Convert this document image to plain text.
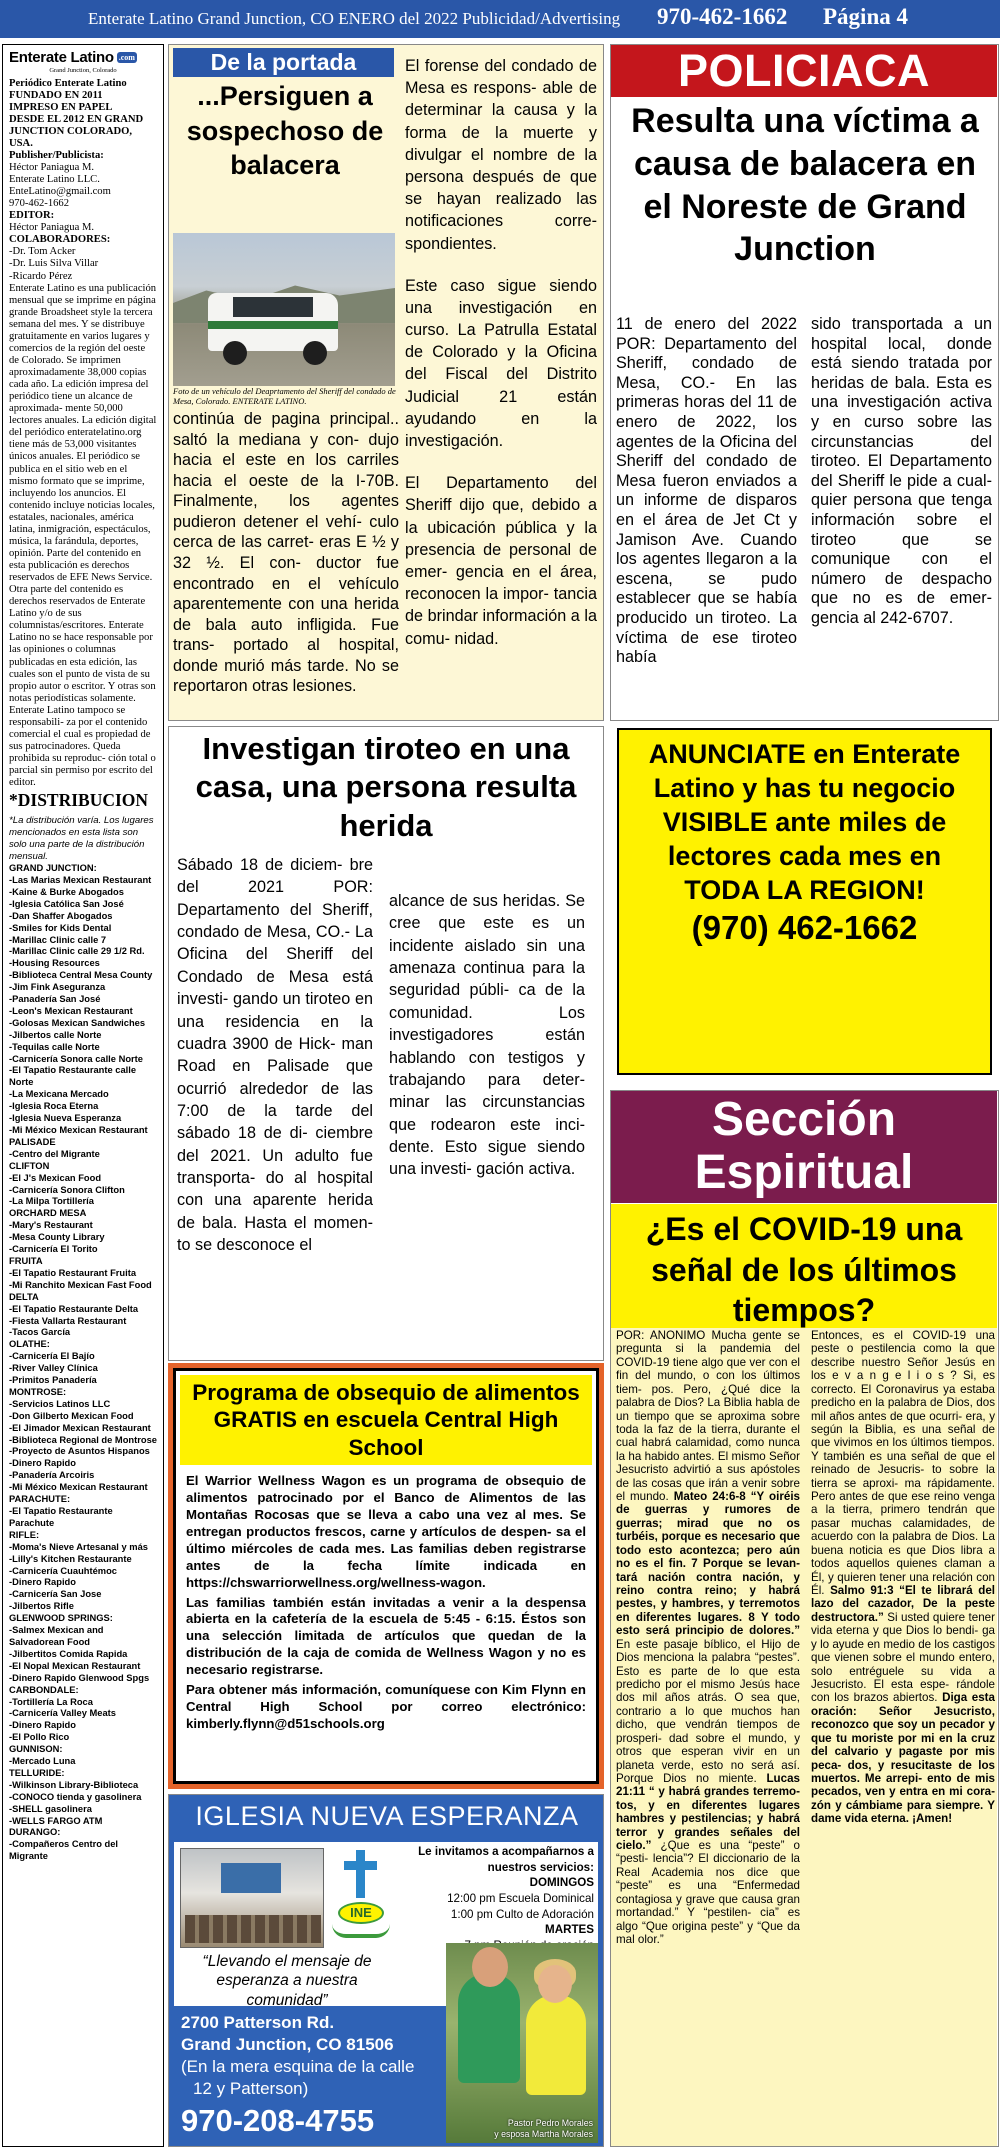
Enterate Latino Grand Junction, CO ENERO del 2022 Publicidad/Advertising 970-462-1662 Página 4
Enterate Latino .com
Grand Junction, Colorado
Periódico Enterate Latino
FUNDADO EN 2011
IMPRESO EN PAPEL
DESDE EL 2012 EN GRAND
JUNCTION COLORADO,
USA.
Publisher/Publicista:
Héctor Paniagua M.
Enterate Latino LLC.
EnteLatino@gmail.com
970-462-1662
EDITOR:
Héctor Paniagua M.
COLABORADORES:
-Dr. Tom Acker
-Dr. Luis Silva Villar
-Ricardo Pérez
Enterate Latino es una publicación mensual que se imprime en página grande Broadsheet style la tercera semana del mes. Y se distribuye gratuitamente en varios lugares y comercios de la región del oeste de Colorado. Se imprimen aproximadamente 38,000 copias cada año. La edición impresa del periódico tiene un alcance de aproximada- mente 50,000 lectores anuales. La edición digital del periódico enteratelatino.org tiene más de 53,000 visitantes únicos anuales. El periódico se publica en el sitio web en el mismo formato que se imprime, incluyendo los anuncios. El contenido incluye noticias locales, estatales, nacionales, américa latina, inmigración, espectáculos, música, la farándula, deportes, opinión. Parte del contenido en esta publicación es derechos reservados de EFE News Service. Otra parte del contenido es derechos reservados de Enterate Latino y/o de sus columnistas/escritores. Enterate Latino no se hace responsable por las opiniones o columnas publicadas en esta edición, las cuales son el punto de vista de su propio autor o escritor. Y otras son notas periodísticas solamente. Enterate Latino tampoco se responsabili- za por el contenido comercial el cual es propiedad de sus patrocinadores. Queda prohibida su reproduc- ción total o parcial sin permiso por escrito del editor.
*DISTRIBUCION
*La distribución varía. Los lugares mencionados en esta lista son solo una parte de la distribución mensual.
GRAND JUNCTION:
-Las Marias Mexican Restaurant
-Kaine & Burke Abogados
-Iglesia Católica San José
-Dan Shaffer Abogados
-Smiles for Kids Dental
-Marillac Clinic calle 7
-Marillac Clinic calle 29 1/2 Rd.
-Housing Resources
-Biblioteca Central Mesa County
-Jim Fink Aseguranza
-Panadería San José
-Leon's Mexican Restaurant
-Golosas Mexican Sandwiches
-Jilbertos calle Norte
-Tequilas calle Norte
-Carnicería Sonora calle Norte
-El Tapatio Restaurante calle Norte
-La Mexicana Mercado
-Iglesia Roca Eterna
-Iglesia Nueva Esperanza
-Mi México Mexican Restaurant
PALISADE
-Centro del Migrante
CLIFTON
-El J's Mexican Food
-Carnicería Sonora Clifton
-La Milpa Tortillería
ORCHARD MESA
-Mary's Restaurant
-Mesa County Library
-Carnicería El Torito
FRUITA
-El Tapatio Restaurant Fruita
-Mi Ranchito Mexican Fast Food
DELTA
-El Tapatio Restaurante Delta
-Fiesta Vallarta Restaurant
-Tacos García
OLATHE:
-Carnicería El Bajío
-River Valley Clínica
-Primitos Panadería
MONTROSE:
-Servicios Latinos LLC
-Don Gilberto Mexican Food
-El Jimador Mexican Restaurant
-Biblioteca Regional de Montrose
-Proyecto de Asuntos Hispanos
-Dinero Rapido
-Panadería Arcoiris
-Mi México Mexican Restaurant
PARACHUTE:
-El Tapatio Restaurante Parachute
RIFLE:
-Moma's Nieve Artesanal y más
-Lilly's Kitchen Restaurante
-Carnicería Cuauhtémoc
-Dinero Rapido
-Carnicería San Jose
-Jilbertos Rifle
GLENWOOD SPRINGS:
-Salmex Mexican and Salvadorean Food
-Jilbertitos Comida Rapida
-El Nopal Mexican Restaurant
-Dinero Rapido Glenwood Spgs
CARBONDALE:
-Tortillería La Roca
-Carnicería Valley Meats
-Dinero Rapido
-El Pollo Rico
GUNNISON:
-Mercado Luna
TELLURIDE:
-Wilkinson Library-Biblioteca
-CONOCO tienda y gasolinera
-SHELL gasolinera
-WELLS FARGO ATM
DURANGO:
-Compañeros Centro del Migrante
De la portada
...Persiguen a sospechoso de balacera
Foto de un vehículo del Deaprtamento del Sheriff del condado de Mesa, Colorado. ENTERATE LATINO.
continúa de pagina principal.. saltó la mediana y con- dujo hacia el este en los carriles hacia el oeste de la I-70B. Finalmente, los agentes pudieron detener el vehí- culo cerca de las carret- eras E ½ y 32 ½. El con- ductor fue encontrado en el vehículo aparentemente con una herida de bala auto infligida. Fue trans- portado al hospital, donde murió más tarde. No se reportaron otras lesiones.

El forense del condado de Mesa es respons- able de determinar la causa y la forma de la muerte y divulgar el nombre de la persona después de que se hayan realizado las notificaciones corre- spondientes.

Este caso sigue siendo una investigación en curso. La Patrulla Estatal de Colorado y la Oficina del Fiscal del Distrito Judicial 21 están ayudando en la investigación.

El Departamento del Sheriff dijo que, debido a la ubicación pública y la presencia de personal de emer- gencia en el área, reconocen la impor- tancia de brindar información a la comu- nidad.

POLICIACA
Resulta una víctima a causa de balacera en el Noreste de Grand Junction
11 de enero del 2022 POR: Departamento del Sheriff, condado de Mesa, CO.- En las primeras horas del 11 de enero de 2022, los agentes de la Oficina del Sheriff del condado de Mesa fueron enviados a un informe de disparos en el área de Jet Ct y Jamison Ave. Cuando los agentes llegaron a la escena, se pudo establecer que se había producido un tiroteo. La víctima de ese tiroteo había
sido transportada a un hospital local, donde está siendo tratada por heridas de bala. Esta es una investigación activa y en curso sobre las circunstancias del tiroteo. El Departamento del Sheriff le pide a cual- quier persona que tenga información sobre el tiroteo que se comunique con el número de despacho que no es de emer- gencia al 242-6707.
Investigan tiroteo en una casa, una persona resulta herida
Sábado 18 de diciem- bre del 2021 POR: Departamento del Sheriff, condado de Mesa, CO.- La Oficina del Sheriff del Condado de Mesa está investi- gando un tiroteo en una residencia en la cuadra 3900 de Hick- man Road en Palisade que ocurrió alrededor de las 7:00 de la tarde del sábado 18 de di- ciembre del 2021. Un adulto fue transporta- do al hospital con una aparente herida de bala. Hasta el momen- to se desconoce el
alcance de sus heridas. Se cree que este es un incidente aislado sin una amenaza continua para la seguridad públi- ca de la comunidad. Los investigadores están hablando con testigos y trabajando para deter- minar las circunstancias que rodearon este inci- dente. Esto sigue siendo una investi- gación activa.
ANUNCIATE en Enterate Latino y has tu negocio VISIBLE ante miles de lectores cada mes en TODA LA REGION!
(970) 462-1662
Programa de obsequio de alimentos GRATIS en escuela Central High School

El Warrior Wellness Wagon es un programa de obsequio de alimentos patrocinado por el Banco de Alimentos de las Montañas Rocosas que se lleva a cabo una vez al mes. Se entregan productos frescos, carne y artículos de despen- sa el último miércoles de cada mes. Las familias deben registrarse antes de la fecha límite indicada en https://chswarriorwellness.org/wellness-wagon.

Las familias también están invitadas a venir a la despensa abierta en la cafetería de la escuela de 5:45 - 6:15. Éstos son una selección limitada de artículos que quedan de la distribución de la caja de comida de Wellness Wagon y no es necesario registrarse.

Para obtener más información, comuníquese con Kim Flynn en Central High School por correo electrónico: kimberly.flynn@d51schools.org

IGLESIA NUEVA ESPERANZA
INE
Le invitamos a acompañarnos a nuestros servicios:
DOMINGOS
12:00 pm Escuela Dominical
1:00 pm Culto de Adoración
MARTES
“Llevando el mensaje de esperanza a nuestra comunidad”
2700 Patterson Rd.
Grand Junction, CO 81506
(En la mera esquina de la calle
12 y Patterson)
970-208-4755	Pastor Pedro Morales
y esposa Martha Morales
Sección Espiritual
¿Es el COVID-19 una señal de los últimos tiempos?
POR: ANONIMO Mucha gente se pregunta si la pandemia del COVID-19 tiene algo que ver con el fin del mundo, o con los últimos tiem- pos. Pero, ¿Qué dice la palabra de Dios? La Biblia habla de un tiempo que se aproxima sobre toda la faz de la tierra, durante el cual habrá calamidad, como nunca la ha habido antes. El mismo Señor Jesucristo advirtió a sus apóstoles de las cosas que irán a venir sobre el mundo. Mateo 24:6-8 “Y oiréis de guerras y rumores de guerras; mirad que no os turbéis, porque es necesario que todo esto acontezca; pero aún no es el fin. 7 Porque se levan- tará nación contra nación, y reino contra reino; y habrá pestes, y hambres, y terremotos en diferentes lugares. 8 Y todo esto será principio de dolores.” En este pasaje bíblico, el Hijo de Dios menciona la palabra “pestes”. Esto es parte de lo que esta predicho por el mismo Jesús hace dos mil años atrás. O sea que, contrario a lo que muchos han dicho, que vendrán tiempos de prosperi- dad sobre el mundo, y otros que esperan vivir en un planeta verde, esto no será así. Porque Dios no miente. Lucas 21:11 “ y habrá grandes terremo- tos, y en diferentes lugares hambres y pestilencias; y habrá terror y grandes señales del cielo.” ¿Que es una “peste” o “pesti- lencia”? El diccionario de la Real Academia nos dice que “peste” es una “Enfermedad contagiosa y grave que causa gran mortandad.” Y “pestilen- cia” es algo “Que origina peste” y “Que da mal olor.”
Entonces, es el COVID-19 una peste o pestilencia como la que describe nuestro Señor Jesús en los e v a n g e l i o s ? Si, es correcto. El Coronavirus ya estaba predicho en la palabra de Dios, dos mil años antes de que ocurri- era, y según la Biblia, es una señal de que vivimos en los últimos tiempos. Y también es una señal de que el reinado de Jesucris- to sobre la tierra se aproxi- ma rápidamente. Pero antes de que ese reino venga a la tierra, primero tendrán que pasar muchas calamidades, de acuerdo con la palabra de Dios. La buena noticia es que Dios libra a todos aquellos quienes claman a Él, y quieren tener una relación con Él. Salmo 91:3 “El te librará del lazo del cazador, De la peste destructora.” Si usted quiere tener vida eterna y que Dios lo bendi- ga y lo ayude en medio de los castigos que vienen sobre el mundo entero, solo entréguele su vida a Jesucristo. El esta espe- rándole con los brazos abiertos. Diga esta oración: Señor Jesucristo, reconozco que soy un pecador y que tu moriste por mi en la cruz del calvario y pagaste por mis peca- dos, y resucitaste de los muertos. Me arrepi- ento de mis pecados, ven y entra en mi cora- zón y cámbiame para siempre. Y dame vida eterna. ¡Amen!
